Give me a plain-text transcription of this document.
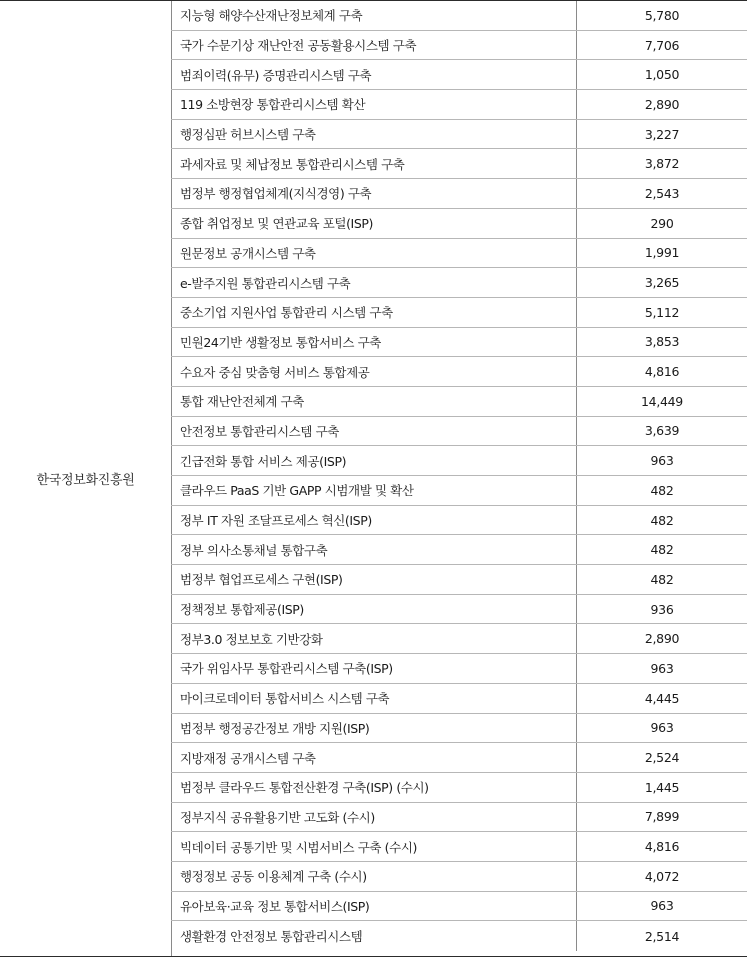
한국정보화진흥원
지능형 해양수산재난정보체계 구축	5,780
국가 수문기상 재난안전 공동활용시스템 구축	7,706
범죄이력(유무) 증명관리시스템 구축	1,050
119 소방현장 통합관리시스템 확산	2,890
행정심판 허브시스템 구축	3,227
과세자료 및 체납정보 통합관리시스템 구축	3,872
범정부 행정협업체계(지식경영) 구축	2,543
종합 취업정보 및 연관교육 포털(ISP)	290
원문정보 공개시스템 구축	1,991
e-발주지원 통합관리시스템 구축	3,265
중소기업 지원사업 통합관리 시스템 구축	5,112
민원24기반 생활정보 통합서비스 구축	3,853
수요자 중심 맞춤형 서비스 통합제공	4,816
통합 재난안전체계 구축	14,449
안전정보 통합관리시스템 구축	3,639
긴급전화 통합 서비스 제공(ISP)	963
클라우드 PaaS 기반 GAPP 시범개발 및 확산	482
정부 IT 자원 조달프로세스 혁신(ISP)	482
정부 의사소통채널 통합구축	482
범정부 협업프로세스 구현(ISP)	482
정책정보 통합제공(ISP)	936
정부3.0 정보보호 기반강화	2,890
국가 위임사무 통합관리시스템 구축(ISP)	963
마이크로데이터 통합서비스 시스템 구축	4,445
범정부 행정공간정보 개방 지원(ISP)	963
지방재정 공개시스템 구축	2,524
범정부 클라우드 통합전산환경 구축(ISP) (수시)	1,445
정부지식 공유활용기반 고도화 (수시)	7,899
빅데이터 공통기반 및 시범서비스 구축 (수시)	4,816
행정정보 공동 이용체계 구축 (수시)	4,072
유아보육·교육 정보 통합서비스(ISP)	963
생활환경 안전정보 통합관리시스템	2,514
